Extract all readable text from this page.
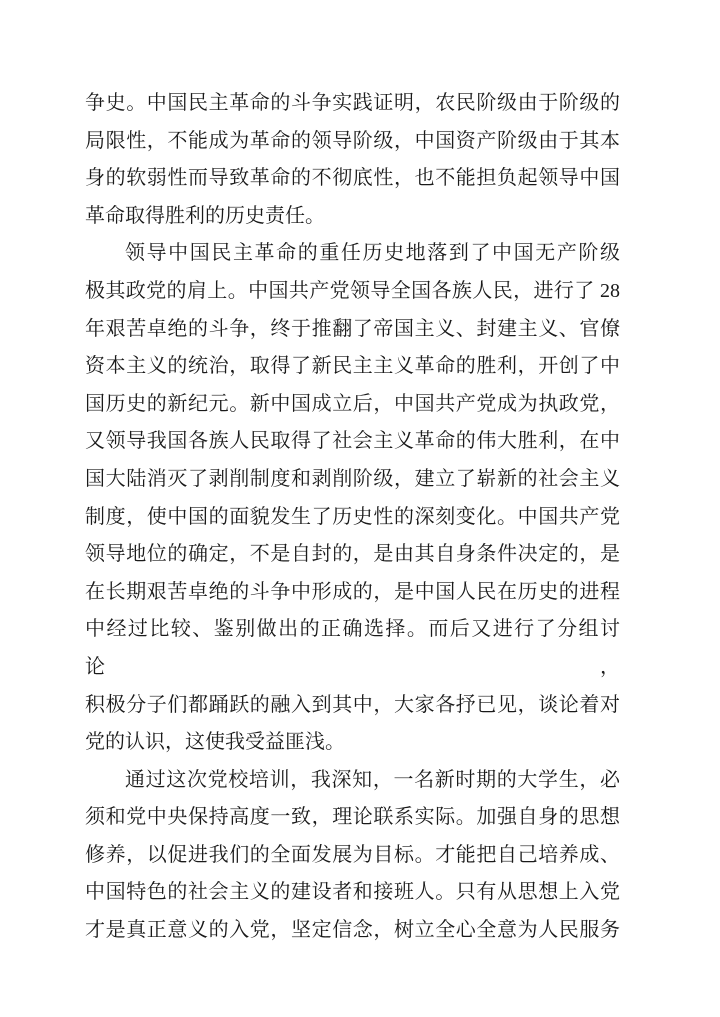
争史。中国民主革命的斗争实践证明，农民阶级由于阶级的
局限性，不能成为革命的领导阶级，中国资产阶级由于其本
身的软弱性而导致革命的不彻底性，也不能担负起领导中国
革命取得胜利的历史责任。
领导中国民主革命的重任历史地落到了中国无产阶级
极其政党的肩上。中国共产党领导全国各族人民，进行了 28
年艰苦卓绝的斗争，终于推翻了帝国主义、封建主义、官僚
资本主义的统治，取得了新民主主义革命的胜利，开创了中
国历史的新纪元。新中国成立后，中国共产党成为执政党，
又领导我国各族人民取得了社会主义革命的伟大胜利，在中
国大陆消灭了剥削制度和剥削阶级，建立了崭新的社会主义
制度，使中国的面貌发生了历史性的深刻变化。中国共产党
领导地位的确定，不是自封的，是由其自身条件决定的，是
在长期艰苦卓绝的斗争中形成的，是中国人民在历史的进程
中经过比较、鉴别做出的正确选择。而后又进行了分组讨论，
积极分子们都踊跃的融入到其中，大家各抒已见，谈论着对
党的认识，这使我受益匪浅。
通过这次党校培训，我深知，一名新时期的大学生，必
须和党中央保持高度一致，理论联系实际。加强自身的思想
修养，以促进我们的全面发展为目标。才能把自己培养成、
中国特色的社会主义的建设者和接班人。只有从思想上入党
才是真正意义的入党，坚定信念，树立全心全意为人民服务
